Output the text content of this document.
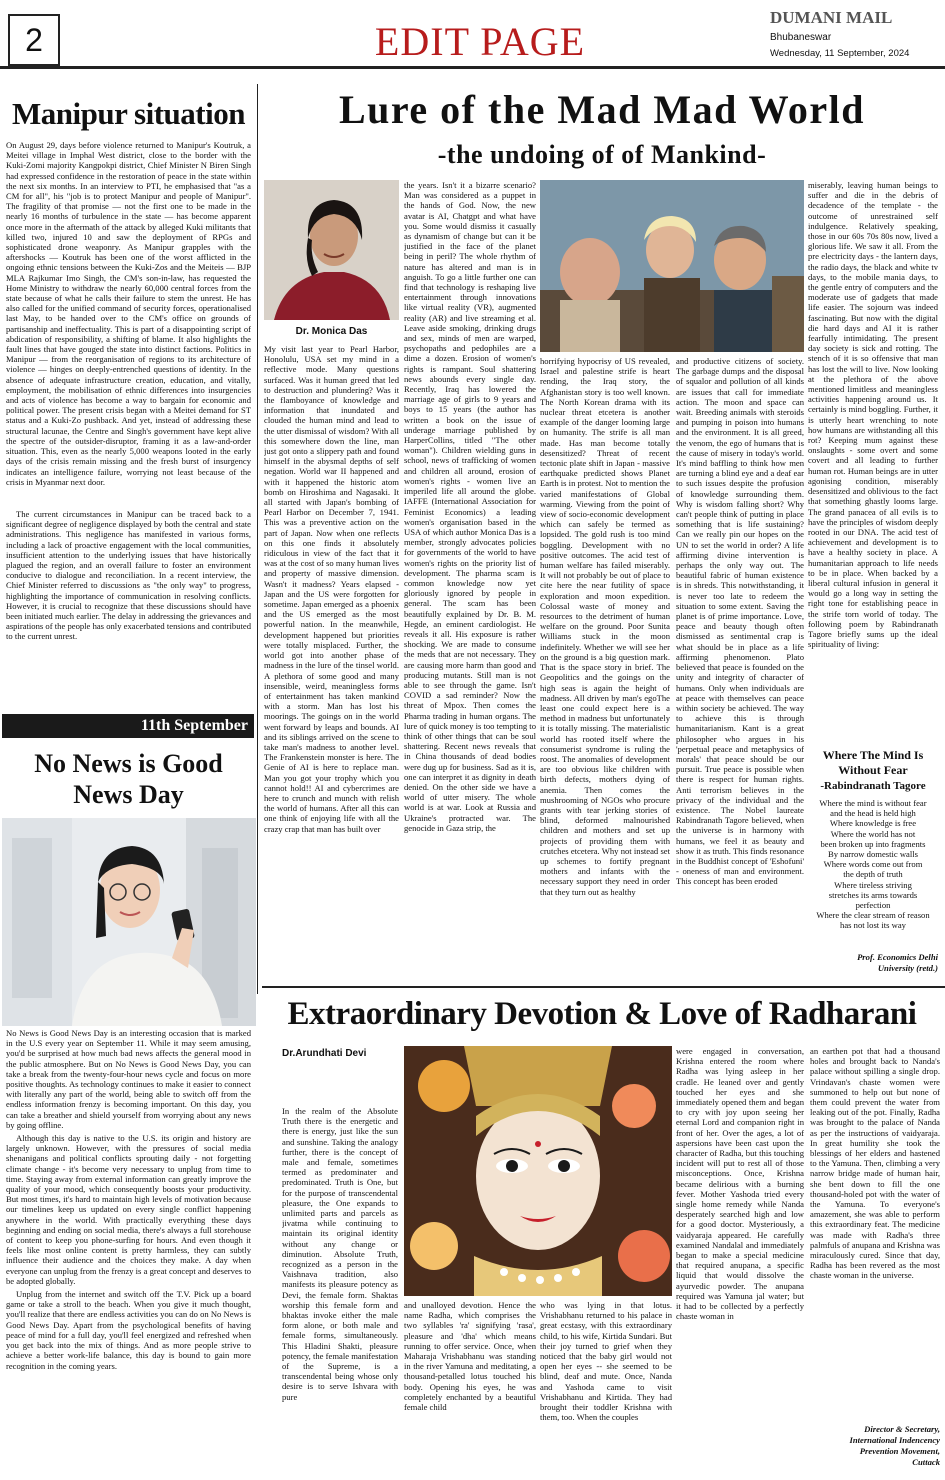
2	EDIT PAGE
DUMANI MAIL
Bhubaneswar
Wednesday, 11 September, 2024
Manipur situation

On August 29, days before violence returned to Manipur's Koutruk, a Meitei village in Imphal West district, close to the border with the Kuki-Zomi majority Kangpokpi district, Chief Minister N Biren Singh had expressed confidence in the restoration of peace in the state within the next six months. In an interview to PTI, he emphasised that "as a CM for all", his "job is to protect Manipur and people of Manipur". The fragility of that promise — not the first one to be made in the nearly 16 months of turbulence in the state — has become apparent once more in the aftermath of the attack by alleged Kuki militants that killed two, injured 10 and saw the deployment of RPGs and sophisticated drone weaponry. As Manipur grapples with the aftershocks — Koutruk has been one of the worst afflicted in the ongoing ethnic tensions between the Kuki-Zos and the Meiteis — BJP MLA Rajkumar Imo Singh, the CM's son-in-law, has requested the Home Ministry to withdraw the nearly 60,000 central forces from the state because of what he calls their failure to stem the unrest. He has also called for the unified command of security forces, operationalised last May, to be handed over to the CM's office on grounds of partisanship and ineffectuality. This is part of a disappointing script of abdication of responsibility, a shifting of blame. It also highlights the fault lines that have gouged the state into distinct factions. Politics in Manipur — from the reorganisation of regions to its architecture of violence — hinges on deeply-entrenched questions of identity. In the absence of adequate infrastructure creation, education, and vitally, employment, the mobilisation of ethnic differences into insurgencies and acts of violence has become a way to bargain for economic and political power. The present crisis began with a Meitei demand for ST status and a Kuki-Zo pushback. And yet, instead of addressing these structural lacunae, the Centre and Singh's government have kept alive the spectre of the outsider-disruptor, framing it as a law-and-order situation. This, even as the nearly 5,000 weapons looted in the early days of the crisis remain missing and the fresh burst of insurgency indicates an intelligence failure, worrying not least because of the crisis in Myanmar next door.

The current circumstances in Manipur can be traced back to a significant degree of negligence displayed by both the central and state administrations. This negligence has manifested in various forms, including a lack of proactive engagement with the local communities, insufficient attention to the underlying issues that have historically plagued the region, and an overall failure to foster an environment conducive to dialogue and reconciliation. In a recent interview, the Chief Minister referred to discussions as "the only way" to progress, highlighting the importance of communication in resolving conflicts. However, it is crucial to recognize that these discussions should have been initiated much earlier. The delay in addressing the grievances and aspirations of the people has only exacerbated tensions and contributed to the current unrest.

11th September
No News is Good News Day

No News is Good News Day is an interesting occasion that is marked in the U.S every year on September 11. While it may seem amusing, you'd be surprised at how much bad news affects the general mood in the public atmosphere. But on No News is Good News Day, you can take a break from the twenty-four-hour news cycle and focus on more positive thoughts. As technology continues to make it easier to connect with literally any part of the world, being able to switch off from the endless information frenzy is becoming important. On this day, you can take a breather and shield yourself from worrying about any news by going offline.

Although this day is native to the U.S. its origin and history are largely unknown. However, with the pressures of social media shenanigans and political conflicts sprouting daily - not forgetting climate change - it's become very necessary to unplug from time to time. Staying away from external information can greatly improve the quality of your mood, which consequently boosts your productivity. But most times, it's hard to maintain high levels of motivation because our timelines keep us updated on every single conflict happening anywhere in the world. With practically everything these days beginning and ending on social media, there's always a full storehouse of content to keep you phone-surfing for hours. And even though it feels like most online content is pretty harmless, they can subtly influence their audience and the choices they make. A day when everyone can unplug from the frenzy is a great concept and deserves to be adopted globally.

Unplug from the internet and switch off the T.V. Pick up a board game or take a stroll to the beach. When you give it much thought, you'll realize that there are endless activities you can do on No News is Good News Day. Apart from the psychological benefits of having peace of mind for a full day, you'll feel energized and refreshed when you get back into the mix of things. And as more people strive to achieve a better work-life balance, this day is bound to gain more recognition in the coming years.

Lure of the Mad Mad World
-the undoing of of Mankind-
Dr. Monica Das

My visit last year to Pearl Harbor, Honolulu, USA set my mind in a reflective mode. Many questions surfaced. Was it human greed that led to destruction and plundering? Was it the flamboyance of knowledge and information that inundated and clouded the human mind and lead to the utter dismissal of wisdom? With all this somewhere down the line, man just got onto a slippery path and found himself in the abysmal depths of self negation. World war II happened and with it happened the historic atom bomb on Hiroshima and Nagasaki. It all started with Japan's bombing of Pearl Harbor on December 7, 1941. This was a preventive action on the part of Japan. Now when one reflects on this one finds it absolutely ridiculous in view of the fact that it was at the cost of so many human lives and property of massive dimension. Wasn't it madness? Years elapsed - Japan and the US were forgotten for sometime. Japan emerged as a phoenix and the US emerged as the most powerful nation. In the meanwhile, development happened but priorities were totally misplaced. Further, the world got into another phase of madness in the lure of the tinsel world. A plethora of some good and many insensible, weird, meaningless forms of entertainment has taken mankind with a storm. Man has lost his moorings. The goings on in the world went forward by leaps and bounds. AI and its siblings arrived on the scene to take man's madness to another level. The Frankenstein monster is here. The Genie of AI is here to replace man. Man you got your trophy which you cannot hold!! AI and cybercrimes are here to crunch and munch with relish the world of humans. After all this can one think of enjoying life with all the crazy crap that man has built over

the years. Isn't it a bizarre scenario? Man was considered as a puppet in the hands of God. Now, the new avatar is AI, Chatgpt and what have you. Some would dismiss it casually as dynamism of change but can it be justified in the face of the planet being in peril? The whole rhythm of nature has altered and man is in anguish. To go a little further one can find that technology is reshaping live entertainment through innovations like virtual reality (VR), augmented reality (AR) and live streaming et al. Leave aside smoking, drinking drugs and sex, minds of men are warped, psychopaths and pedophiles are a dime a dozen. Erosion of women's rights is rampant. Soul shattering news abounds every single day. Recently, Iraq has lowered the marriage age of girls to 9 years and boys to 15 years (the author has written a book on the issue of underage marriage published by HarperCollins, titled "The other woman"). Children wielding guns in school, news of trafficking of women and children all around, erosion of women's rights - women live an imperiled life all around the globe. IAFFE (International Association for Feminist Economics) a leading women's organisation based in the USA of which author Monica Das is a member, strongly advocates policies for governments of the world to have women's rights on the priority list of development. The pharma scam is common knowledge now yet gloriously ignored by people in general. The scam has been beautifully explained by Dr. B. M. Hegde, an eminent cardiologist. He reveals it all. His exposure is rather shocking. We are made to consume the meds that are not necessary. They are causing more harm than good and producing mutants. Still man is not able to see through the game. Isn't COVID a sad reminder? Now the threat of Mpox. Then comes the Pharma trading in human organs. The lure of quick money is too tempting to think of other things that can be soul shattering. Recent news reveals that in China thousands of dead bodies were dug up for business. Sad as it is, one can interpret it as dignity in death denied. On the other side we have a world of utter misery. The whole world is at war. Look at Russia and Ukraine's protracted war. The genocide in Gaza strip, the

horrifying hypocrisy of US revealed, Israel and palestine strife is heart rending, the Iraq story, the Afghanistan story is too well known. The North Korean drama with its nuclear threat etcetera is another example of the danger looming large on humanity. The strife is all man made. Has man become totally desensitized? Threat of recent tectonic plate shift in Japan - massive earthquake predicted shows Planet Earth is in protest. Not to mention the varied manifestations of Global warming. Viewing from the point of view of socio-economic development which can safely be termed as lopsided. The gold rush is too mind boggling. Development with no positive outcomes. The acid test of human welfare has failed miserably. It will not probably be out of place to cite here the near futility of space exploration and moon expedition. Colossal waste of money and resources to the detriment of human welfare on the ground. Poor Sunita Williams stuck in the moon indefinitely. Whether we will see her on the ground is a big question mark. That is the space story in brief. The Geopolitics and the goings on the high seas is again the height of madness. All driven by man's egoThe least one could expect here is a method in madness but unfortunately it is totally missing. The materialistic world has rooted itself where the consumerist syndrome is ruling the roost. The anomalies of development are too obvious like children with birth defects, mothers dying of anemia. Then comes the mushrooming of NGOs who procure grants with tear jerking stories of blind, deformed malnourished children and mothers and set up projects of providing them with crutches etcetera. Why not instead set up schemes to fortify pregnant mothers and infants with the necessary support they need in order that they turn out as healthy

and productive citizens of society. The garbage dumps and the disposal of squalor and pollution of all kinds are issues that call for immediate action. The moon and space can wait. Breeding animals with steroids and pumping in poison into humans and the environment. It is all greed, the venom, the ego of humans that is the cause of misery in today's world. It's mind baffling to think how men are turning a blind eye and a deaf ear to such issues despite the profusion of knowledge surrounding them. Why is wisdom falling short? Why can't people think of putting in place something that is life sustaining? Can we really pin our hopes on the UN to set the world in order? A life affirming divine intervention is perhaps the only way out. The beautiful fabric of human existence is in shreds. This notwithstanding, it is never too late to redeem the situation to some extent. Saving the planet is of prime importance. Love, peace and beauty though often dismissed as sentimental crap is what should be in place as a life affirming phenomenon. Plato believed that peace is founded on the unity and integrity of character of humans. Only when individuals are at peace with themselves can peace within society be achieved. The way to achieve this is through humanitarianism. Kant is a great philosopher who argues in his 'perpetual peace and metaphysics of morals' that peace should be our pursuit. True peace is possible when there is respect for human rights. Anti terrorism believes in the privacy of the individual and the existence. The Nobel laureate Rabindranath Tagore believed, when the universe is in harmony with humans, we feel it as beauty and show it as truth. This finds resonance in the Buddhist concept of 'Eshofuni' - oneness of man and environment. This concept has been eroded

miserably, leaving human beings to suffer and die in the debris of decadence of the template - the outcome of unrestrained self indulgence. Relatively speaking, those in our 60s 70s 80s now, lived a glorious life. We saw it all. From the pre electricity days - the lantern days, the radio days, the black and white tv days, to the mobile mania days, to the gentle entry of computers and the moderate use of gadgets that made life easier. The sojourn was indeed fascinating. But now with the digital die hard days and AI it is rather fearfully intimidating. The present day society is sick and rotting. The stench of it is so offensive that man has lost the will to live. Now looking at the plethora of the above mentioned limitless and meaningless activities happening around us. It certainly is mind boggling. Further, it is utterly heart wrenching to note how humans are withstanding all this rot? Keeping mum against these onslaughts - some overt and some covert and all leading to further human rot. Human beings are in utter agonising condition, miserably desensitized and oblivious to the fact that something ghastly looms large. The grand panacea of all evils is to have the principles of wisdom deeply rooted in our DNA. The acid test of achievement and development is to have a healthy society in place. A humanitarian approach to life needs to be in place. When backed by a liberal cultural infusion in general it would go a long way in setting the right tone for establishing peace in the strife torn world of today. The following poem by Rabindranath Tagore briefly sums up the ideal spirituality of living:

Where The Mind Is Without Fear
-Rabindranath Tagore
Where the mind is without fear
and the head is held high
Where knowledge is free
Where the world has not
been broken up into fragments
By narrow domestic walls
Where words come out from
the depth of truth
Where tireless striving
stretches its arms towards
perfection
Where the clear stream of reason
has not lost its way
Prof. Economics Delhi
University (retd.)
Extraordinary Devotion & Love of Radharani
Dr.Arundhati Devi

In the realm of the Absolute Truth there is the energetic and there is energy, just like the sun and sunshine. Taking the analogy further, there is the concept of male and female, sometimes termed as predominater and predominated. Truth is One, but for the purpose of transcendental pleasure, the One expands to unlimited parts and parcels as jivatma while continuing to maintain its original identity without any change or diminution. Absolute Truth, recognized as a person in the Vaishnava tradition, also manifests its pleasure potency as Devi, the female form. Shaktas worship this female form and bhaktas invoke either the male form alone, or both male and female forms, simultaneously. This Hladini Shakti, pleasure potency, the female manifestation of the Supreme, is a transcendental being whose only desire is to serve Ishvara with pure

and unalloyed devotion. Hence the name Radha, which comprises the two syllables 'ra' signifying 'rasa', pleasure and 'dha' which means running to offer service. Once, when Maharaja Vrishabhanu was standing in the river Yamuna and meditating, a thousand-petalled lotus touched his body. Opening his eyes, he was completely enchanted by a beautiful female child

who was lying in that lotus. Vrishabhanu returned to his palace in great ecstasy, with this extraordinary child, to his wife, Kirtida Sundari. But their joy turned to grief when they noticed that the baby girl would not open her eyes -- she seemed to be blind, deaf and mute. Once, Nanda and Yashoda came to visit Vrishabhanu and Kirtida. They had brought their toddler Krishna with them, too. When the couples

were engaged in conversation, Krishna entered the room where Radha was lying asleep in her cradle. He leaned over and gently touched her eyes and she immediately opened them and began to cry with joy upon seeing her eternal Lord and companion right in front of her. Over the ages, a lot of aspersions have been cast upon the character of Radha, but this touching incident will put to rest all of those misconceptions. Once, Krishna became delirious with a burning fever. Mother Yashoda tried every single home remedy while Nanda desperately searched high and low for a good doctor. Mysteriously, a vaidyaraja appeared. He carefully examined Nandalal and immediately began to make a special medicine that required anupana, a specific liquid that would dissolve the ayurvedic powder. The anupana required was Yamuna jal water; but it had to be collected by a perfectly chaste woman in

an earthen pot that had a thousand holes and brought back to Nanda's palace without spilling a single drop. Vrindavan's chaste women were summoned to help out but none of them could prevent the water from leaking out of the pot. Finally, Radha was brought to the palace of Nanda as per the instructions of vaidyaraja. In great humility she took the blessings of her elders and hastened to the Yamuna. Then, climbing a very narrow bridge made of human hair, she bent down to fill the one thousand-holed pot with the water of the Yamuna. To everyone's amazement, she was able to perform this extraordinary feat. The medicine was made with Radha's three palmfuls of anupana and Krishna was miraculously cured. Since that day, Radha has been revered as the most chaste woman in the universe.

Director & Secretary,
International Indencency
Prevention Movement,
Cuttack
